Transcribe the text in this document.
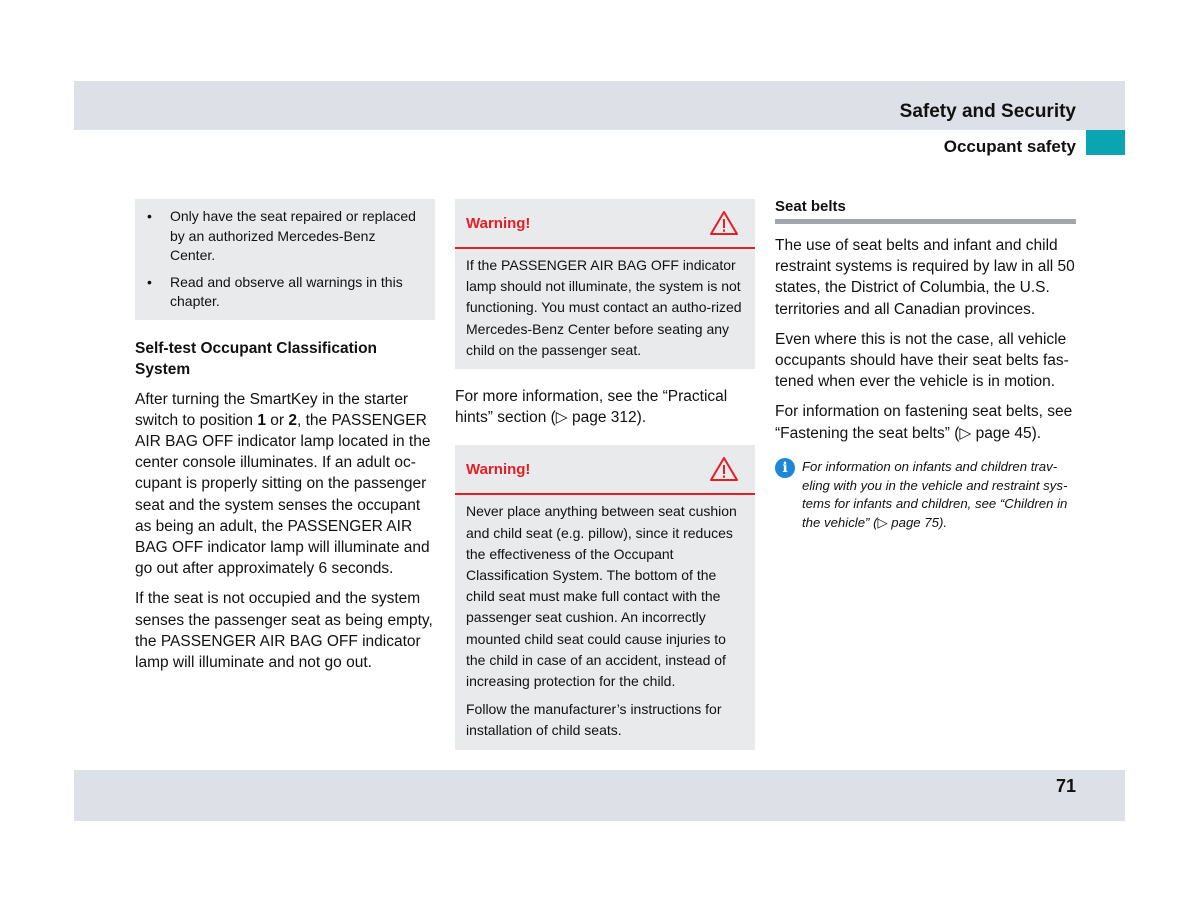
Safety and Security
Occupant safety
•	Only have the seat repaired or replaced by an authorized Mercedes-Benz Center.
•	Read and observe all warnings in this chapter.
Self-test Occupant Classification System

After turning the SmartKey in the starter switch to position 1 or 2, the PASSENGER AIR BAG OFF indicator lamp located in the center console illuminates. If an adult oc-cupant is properly sitting on the passenger seat and the system senses the occupant as being an adult, the PASSENGER AIR BAG OFF indicator lamp will illuminate and go out after approximately 6 seconds.

If the seat is not occupied and the system senses the passenger seat as being empty, the PASSENGER AIR BAG OFF indicator lamp will illuminate and not go out.

Warning!

If the PASSENGER AIR BAG OFF indicator lamp should not illuminate, the system is not functioning. You must contact an autho-rized Mercedes-Benz Center before seating any child on the passenger seat.

For more information, see the “Practical hints” section (▷ page 312).

Warning!

Never place anything between seat cushion and child seat (e.g. pillow), since it reduces the effectiveness of the Occupant Classification System. The bottom of the child seat must make full contact with the passenger seat cushion. An incorrectly mounted child seat could cause injuries to the child in case of an accident, instead of increasing protection for the child.

Follow the manufacturer’s instructions for installation of child seats.

Seat belts

The use of seat belts and infant and child restraint systems is required by law in all 50 states, the District of Columbia, the U.S. territories and all Canadian provinces.

Even where this is not the case, all vehicle occupants should have their seat belts fas-tened when ever the vehicle is in motion.

For information on fastening seat belts, see “Fastening the seat belts” (▷ page 45).

i	For information on infants and children trav-eling with you in the vehicle and restraint sys-tems for infants and children, see “Children in the vehicle” (▷ page 75).
71
